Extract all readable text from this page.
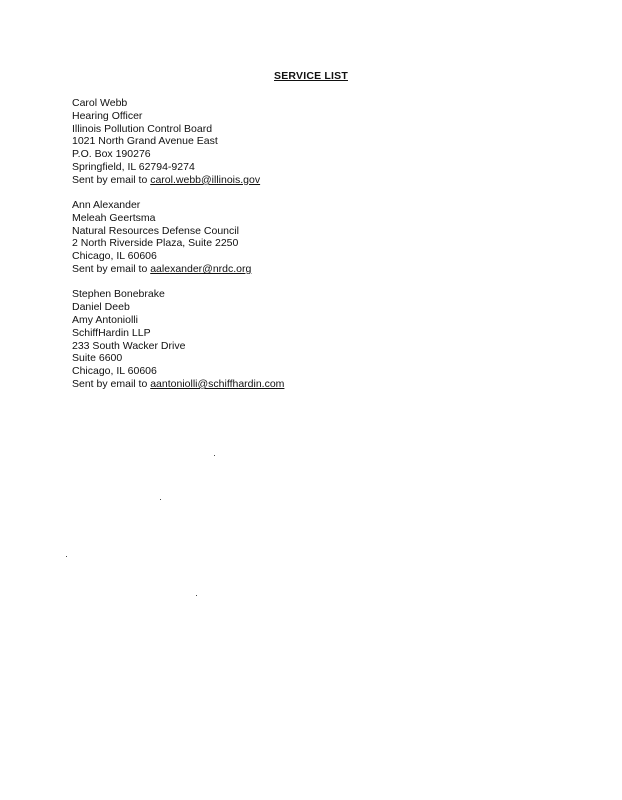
SERVICE LIST
Carol Webb
Hearing Officer
Illinois Pollution Control Board
1021 North Grand Avenue East
P.O. Box 190276
Springfield, IL 62794-9274
Sent by email to carol.webb@illinois.gov
Ann Alexander
Meleah Geertsma
Natural Resources Defense Council
2 North Riverside Plaza, Suite 2250
Chicago, IL 60606
Sent by email to aalexander@nrdc.org
Stephen Bonebrake
Daniel Deeb
Amy Antoniolli
SchiffHardin LLP
233 South Wacker Drive
Suite 6600
Chicago, IL 60606
Sent by email to aantoniolli@schiffhardin.com
